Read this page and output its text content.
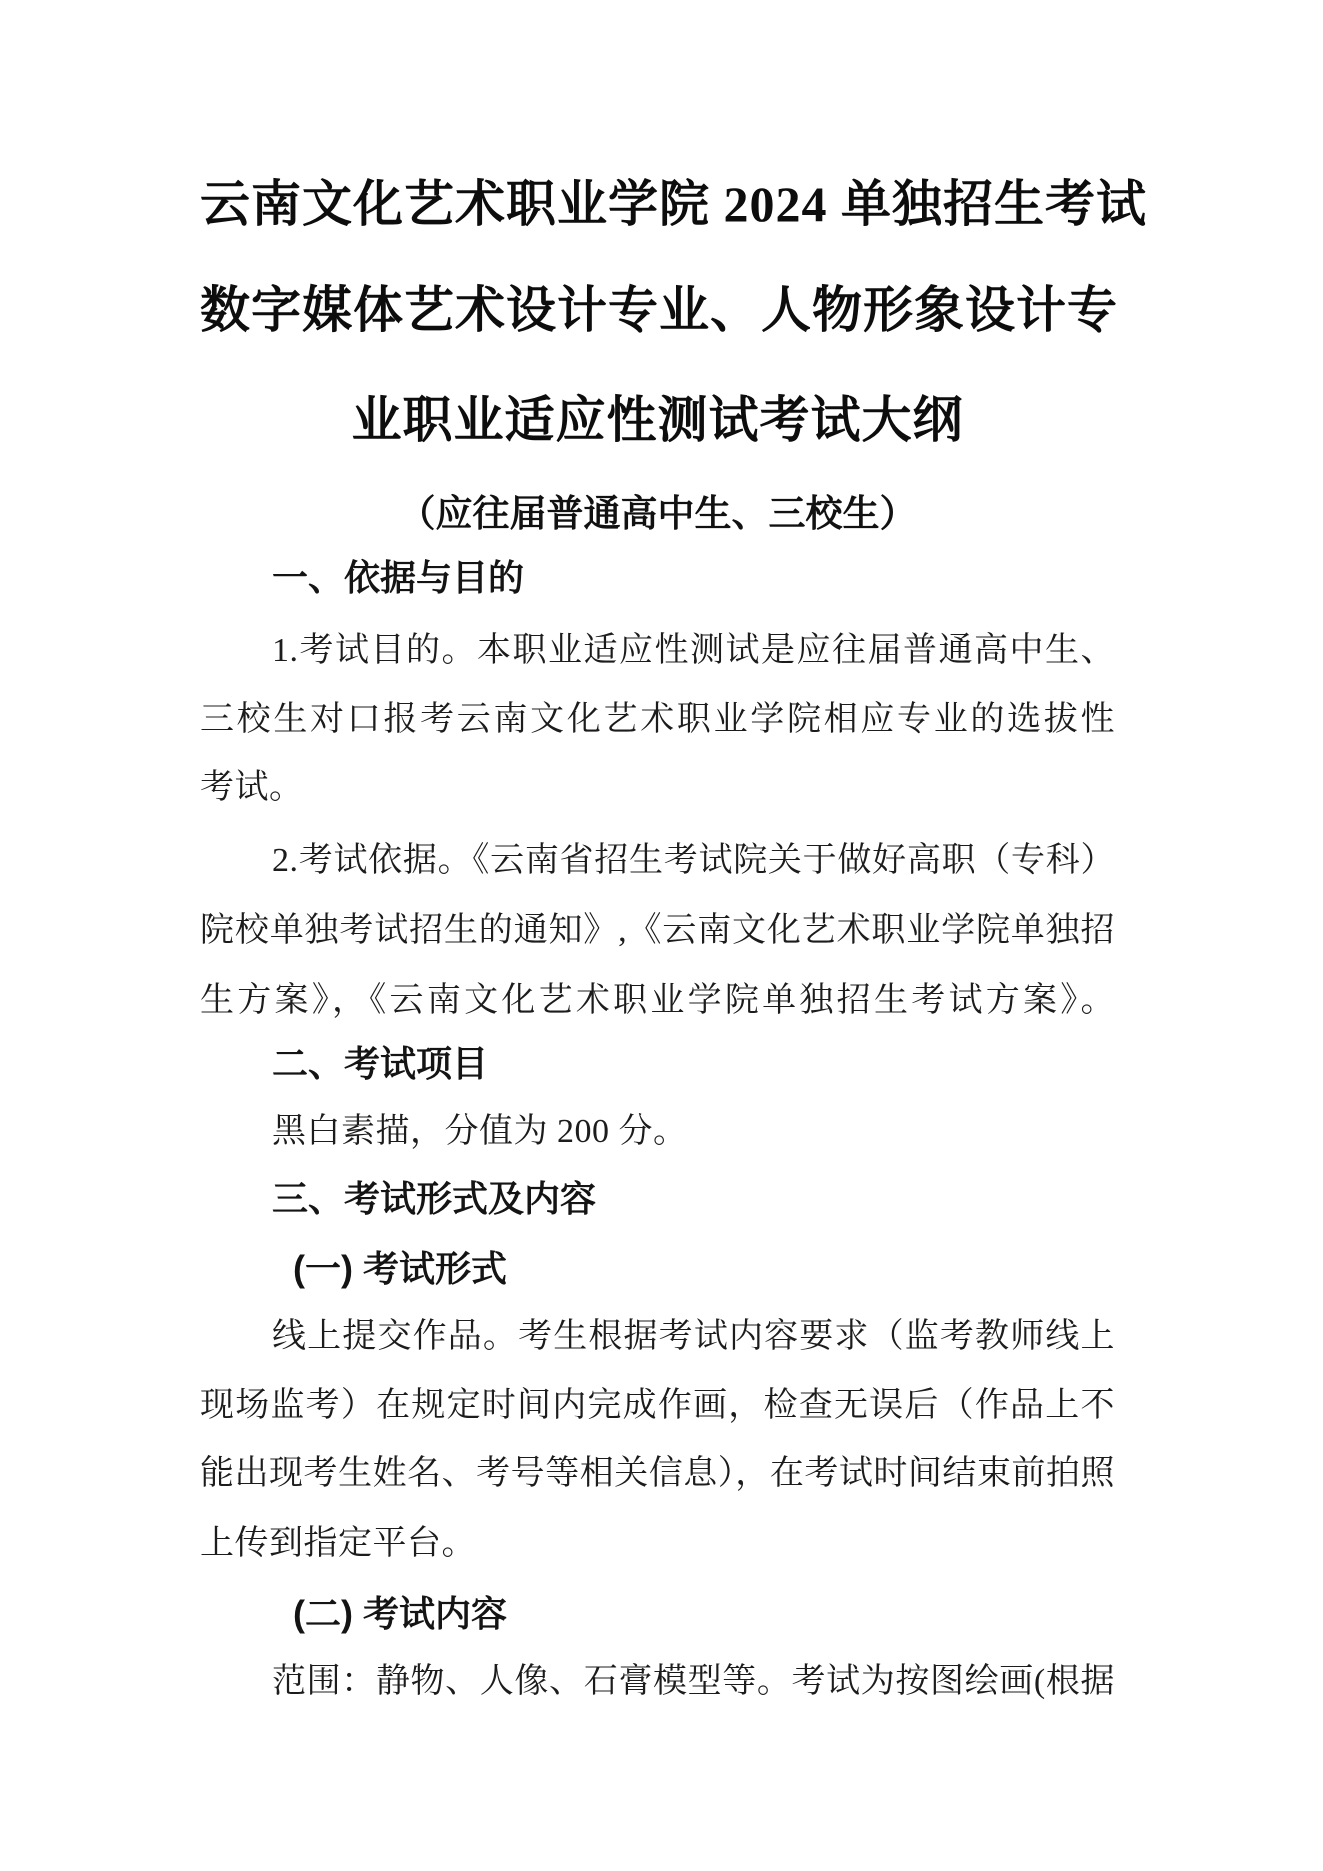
云南文化艺术职业学院 2024 单独招生考试
数字媒体艺术设计专业、人物形象设计专
业职业适应性测试考试大纲
（应往届普通高中生、三校生）
一、依据与目的
1.考试目的。本职业适应性测试是应往届普通高中生、
三校生对口报考云南文化艺术职业学院相应专业的选拔性
考试。
2.考试依据。《云南省招生考试院关于做好高职（专科）
院校单独考试招生的通知》,《云南文化艺术职业学院单独招
生方案》，《云南文化艺术职业学院单独招生考试方案》。
二、考试项目
黑白素描，分值为 200 分。
三、考试形式及内容
(一) 考试形式
线上提交作品。考生根据考试内容要求（监考教师线上
现场监考）在规定时间内完成作画，检查无误后（作品上不
能出现考生姓名、考号等相关信息），在考试时间结束前拍照
上传到指定平台。
(二) 考试内容
范围：静物、人像、石膏模型等。考试为按图绘画(根据
